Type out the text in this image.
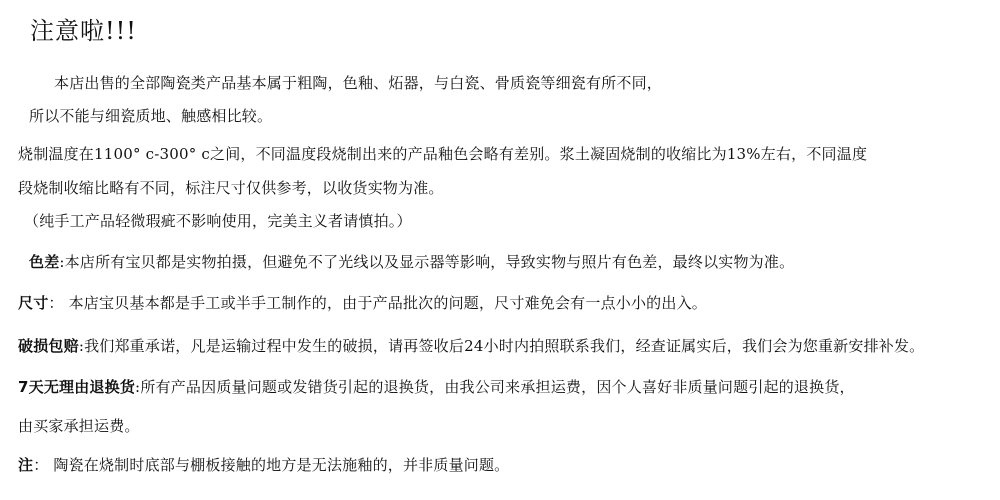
注意啦!!!
本店出售的全部陶瓷类产品基本属于粗陶，色釉、炻器，与白瓷、骨质瓷等细瓷有所不同，
所以不能与细瓷质地、触感相比较。
烧制温度在1100° c-300° c之间，不同温度段烧制出来的产品釉色会略有差别。浆土凝固烧制的收缩比为13%左右，不同温度
段烧制收缩比略有不同，标注尺寸仅供参考，以收货实物为准。
（纯手工产品轻微瑕疵不影响使用，完美主义者请慎拍。）
色差:本店所有宝贝都是实物拍摄，但避免不了光线以及显示器等影响，导致实物与照片有色差，最终以实物为准。
尺寸： 本店宝贝基本都是手工或半手工制作的，由于产品批次的问题，尺寸难免会有一点小小的出入。
破损包赔:我们郑重承诺，凡是运输过程中发生的破损，请再签收后24小时内拍照联系我们，经查证属实后，我们会为您重新安排补发。
7天无理由退换货:所有产品因质量问题或发错货引起的退换货，由我公司来承担运费，因个人喜好非质量问题引起的退换货，
由买家承担运费。
注： 陶瓷在烧制时底部与棚板接触的地方是无法施釉的，并非质量问题。
